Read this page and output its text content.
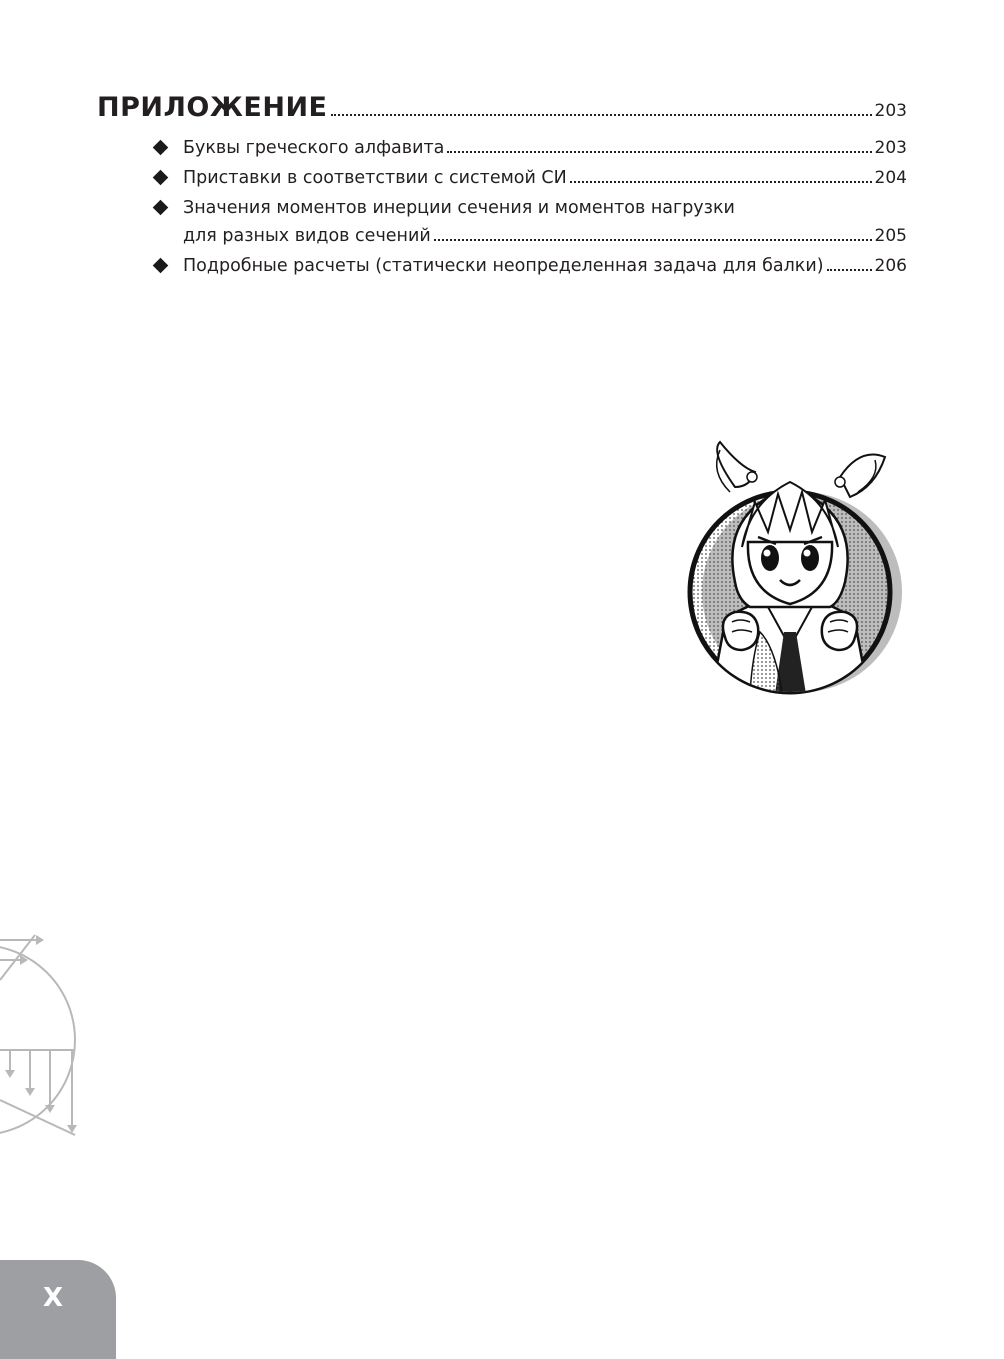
ПРИЛОЖЕНИЕ	203
Буквы греческого алфавита	203
Приставки в соответствии с системой СИ	204
Значения моментов инерции сечения и моментов нагрузки
для разных видов сечений	205
Подробные расчеты (статически неопределенная задача для балки)	206
X
